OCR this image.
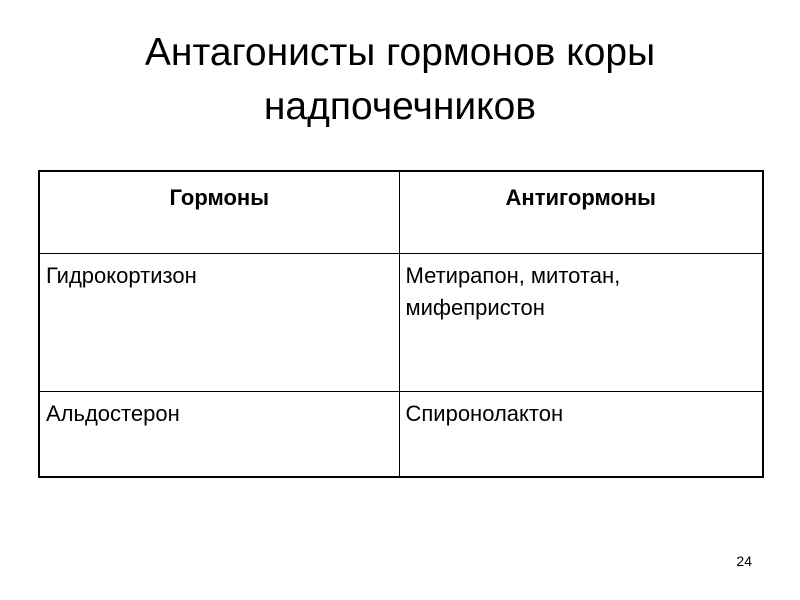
Антагонисты гормонов коры
надпочечников
Гормоны	Антигормоны
Гидрокортизон	Метирапон, митотан, мифепристон
Альдостерон	Спиронолактон
24
